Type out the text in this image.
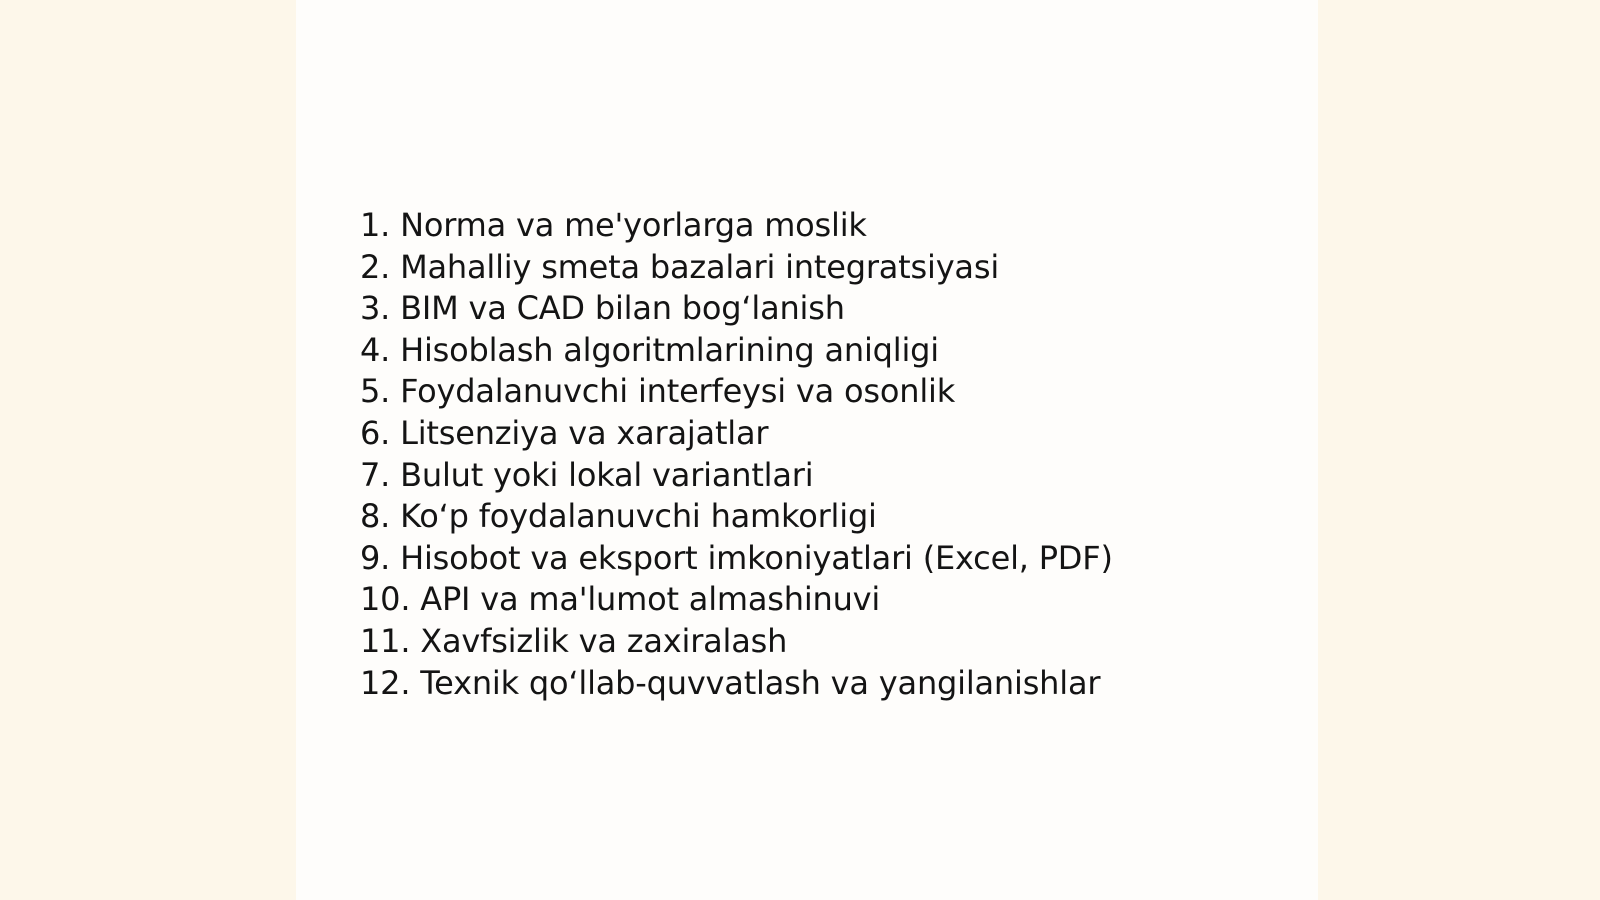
1. Norma va me'yorlarga moslik
2. Mahalliy smeta bazalari integratsiyasi
3. BIM va CAD bilan bog‘lanish
4. Hisoblash algoritmlarining aniqligi
5. Foydalanuvchi interfeysi va osonlik
6. Litsenziya va xarajatlar
7. Bulut yoki lokal variantlari
8. Ko‘p foydalanuvchi hamkorligi
9. Hisobot va eksport imkoniyatlari (Excel, PDF)
10. API va ma'lumot almashinuvi
11. Xavfsizlik va zaxiralash
12. Texnik qo‘llab-quvvatlash va yangilanishlar
